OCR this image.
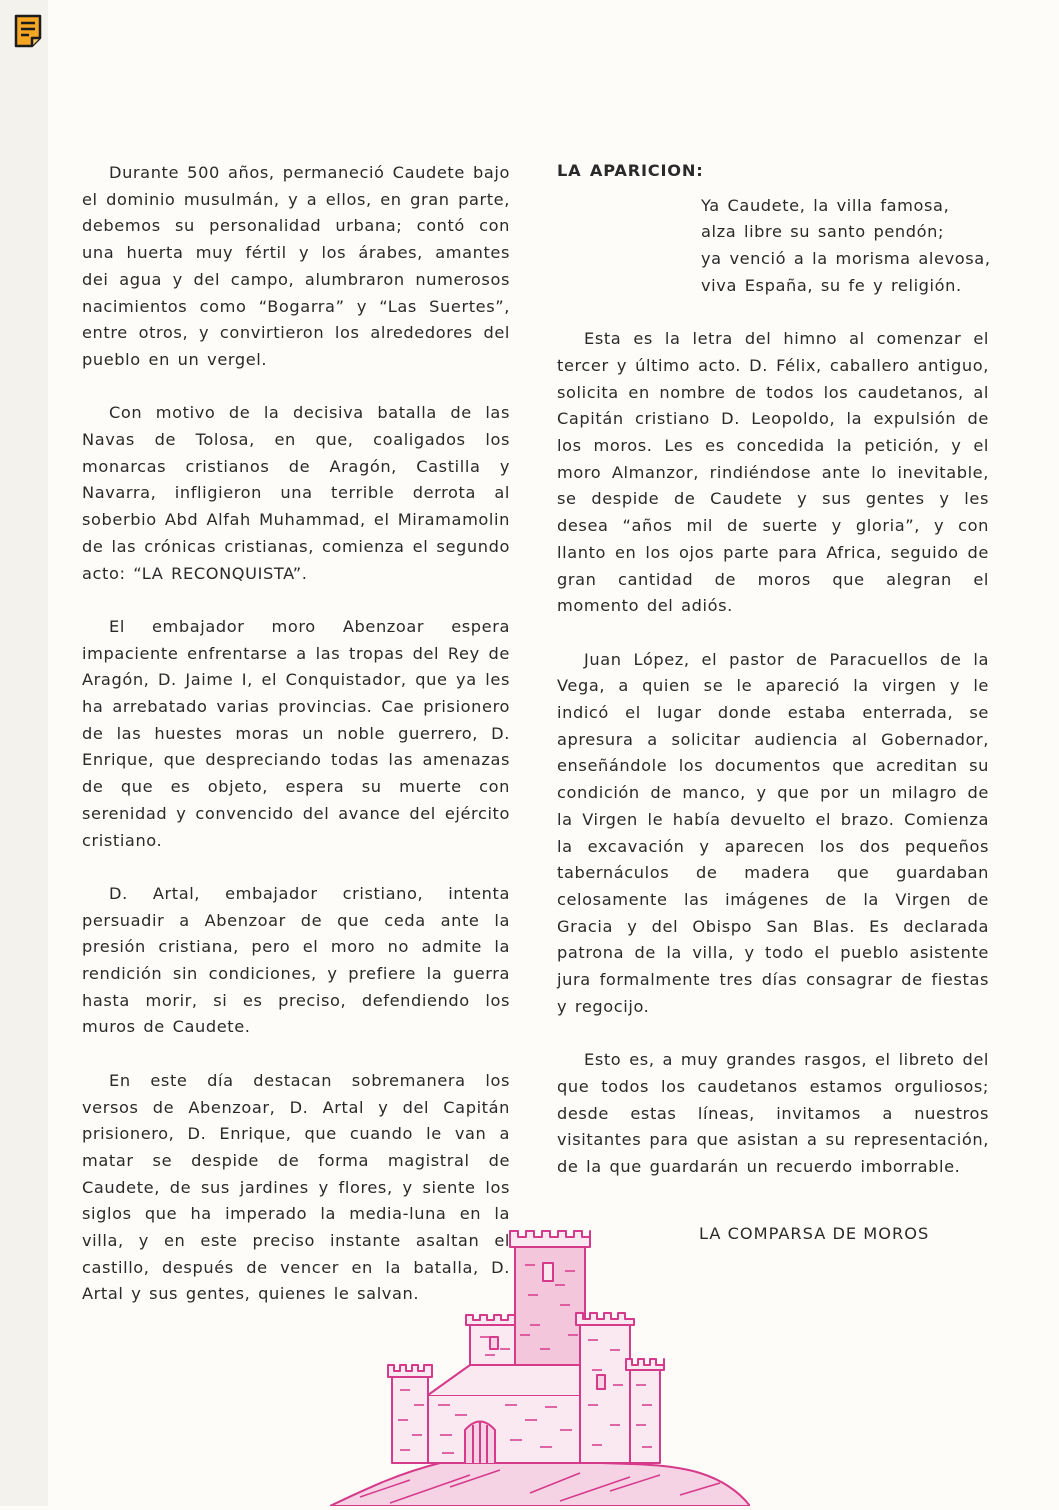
Durante 500 años, permaneció Caudete bajo el dominio musulmán, y a ellos, en gran parte, debemos su personalidad urbana; contó con una huerta muy fértil y los árabes, amantes dei agua y del campo, alumbraron numerosos nacimientos como “Bogarra” y “Las Suertes”, entre otros, y convirtieron los alrededores del pueblo en un vergel.

Con motivo de la decisiva batalla de las Navas de Tolosa, en que, coaligados los monarcas cristianos de Aragón, Castilla y Navarra, infligieron una terrible derrota al soberbio Abd Alfah Muhammad, el Miramamolin de las crónicas cristianas, comienza el segundo acto: “LA RECONQUISTA”.

El embajador moro Abenzoar espera impaciente enfrentarse a las tropas del Rey de Aragón, D. Jaime I, el Conquistador, que ya les ha arrebatado varias provincias. Cae prisionero de las huestes moras un noble guerrero, D. Enrique, que despreciando todas las amenazas de que es objeto, espera su muerte con serenidad y convencido del avance del ejército cristiano.

D. Artal, embajador cristiano, intenta persuadir a Abenzoar de que ceda ante la presión cristiana, pero el moro no admite la rendición sin condiciones, y prefiere la guerra hasta morir, si es preciso, defendiendo los muros de Caudete.

En este día destacan sobremanera los versos de Abenzoar, D. Artal y del Capitán prisionero, D. Enrique, que cuando le van a matar se despide de forma magistral de Caudete, de sus jardines y flores, y siente los siglos que ha imperado la media-luna en la villa, y en este preciso instante asaltan el castillo, después de vencer en la batalla, D. Artal y sus gentes, quienes le salvan.

LA APARICION:

Ya Caudete, la villa famosa,
alza libre su santo pendón;
ya venció a la morisma alevosa,
viva España, su fe y religión.

Esta es la letra del himno al comenzar el tercer y último acto. D. Félix, caballero antiguo, solicita en nombre de todos los caudetanos, al Capitán cristiano D. Leopoldo, la expulsión de los moros. Les es concedida la petición, y el moro Almanzor, rindiéndose ante lo inevitable, se despide de Caudete y sus gentes y les desea “años mil de suerte y gloria”, y con llanto en los ojos parte para Africa, seguido de gran cantidad de moros que alegran el momento del adiós.

Juan López, el pastor de Paracuellos de la Vega, a quien se le apareció la virgen y le indicó el lugar donde estaba enterrada, se apresura a solicitar audiencia al Gobernador, enseñándole los documentos que acreditan su condición de manco, y que por un milagro de la Virgen le había devuelto el brazo. Comienza la excavación y aparecen los dos pequeños tabernáculos de madera que guardaban celosamente las imágenes de la Virgen de Gracia y del Obispo San Blas. Es declarada patrona de la villa, y todo el pueblo asistente jura formalmente tres días consagrar de fiestas y regocijo.

Esto es, a muy grandes rasgos, el libreto del que todos los caudetanos estamos orguliosos; desde estas líneas, invitamos a nuestros visitantes para que asistan a su representación, de la que guardarán un recuerdo imborrable.

LA COMPARSA DE MOROS
